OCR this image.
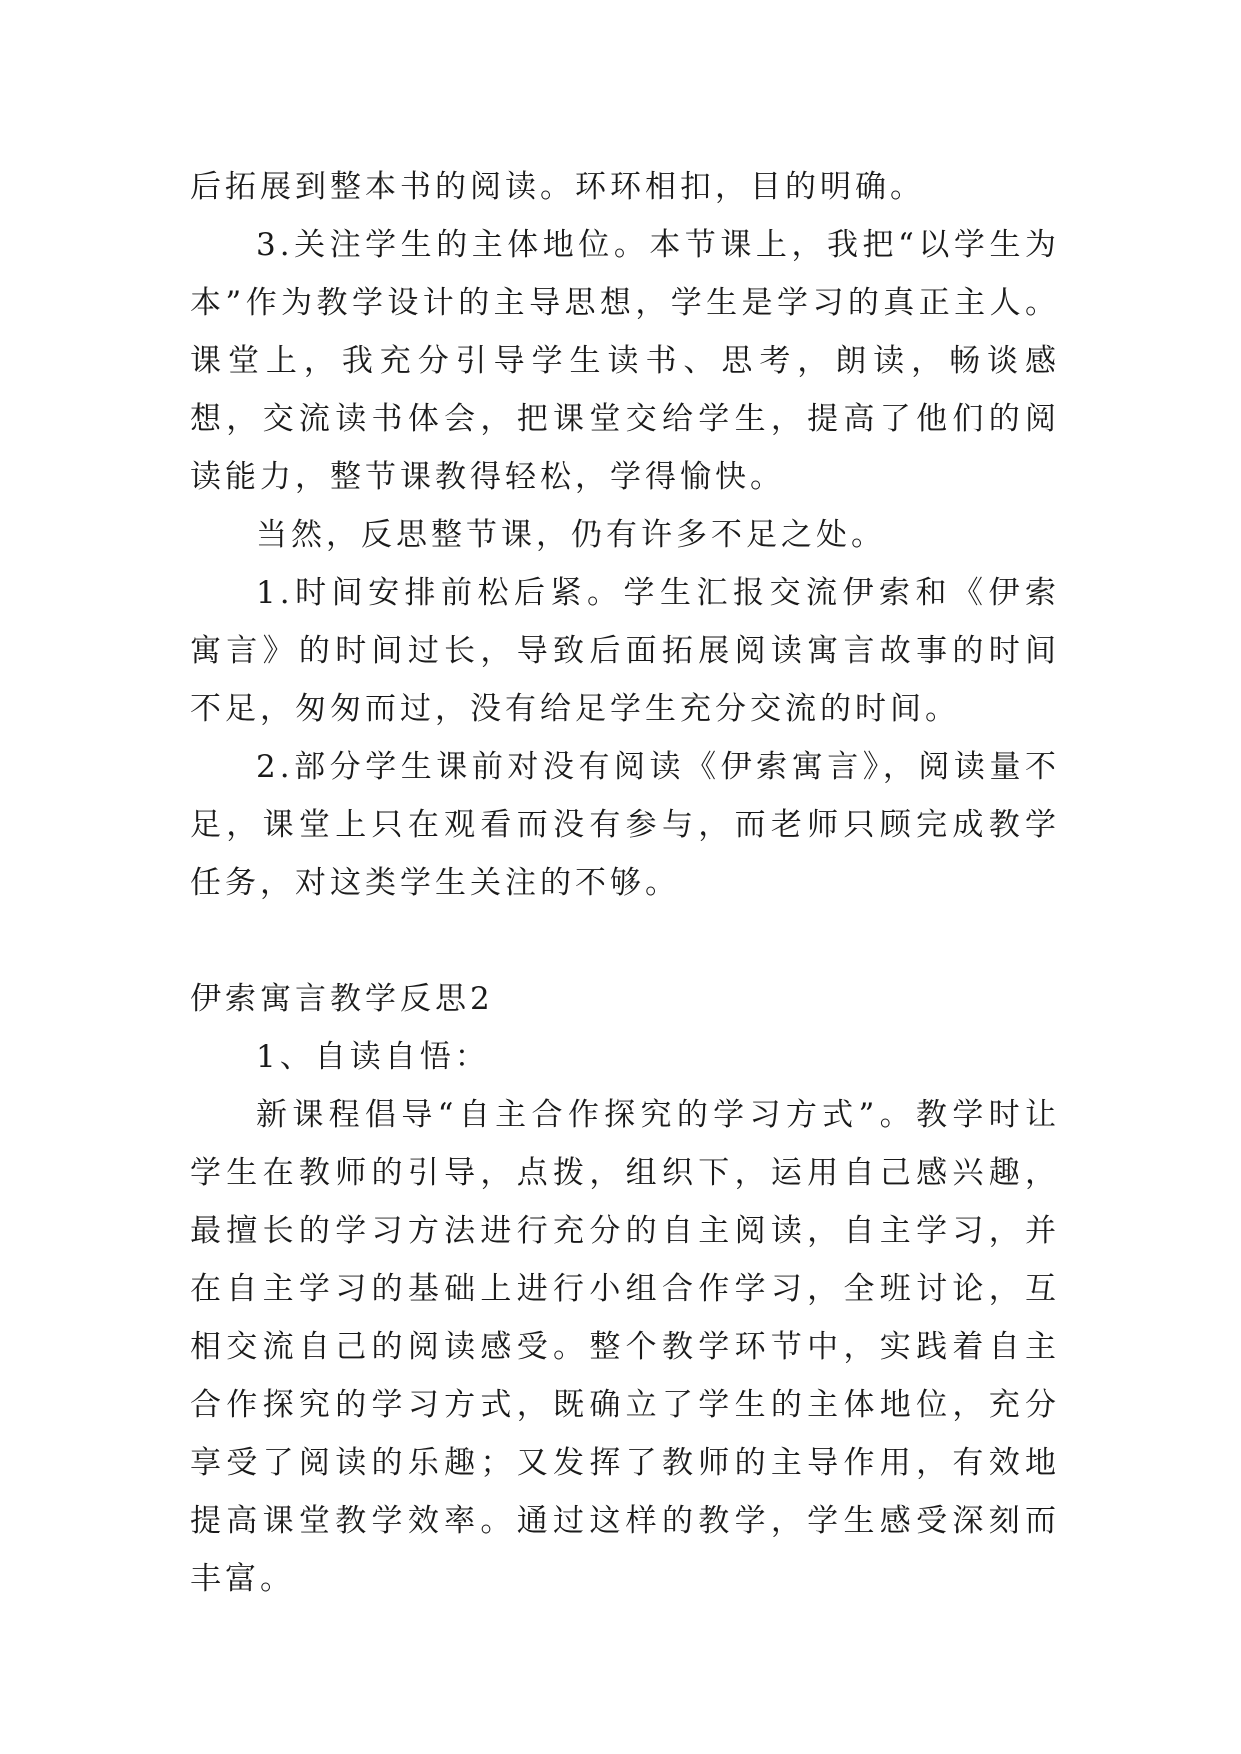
后拓展到整本书的阅读。环环相扣，目的明确。

3.关注学生的主体地位。本节课上，我把“以学生为本”作为教学设计的主导思想，学生是学习的真正主人。课堂上，我充分引导学生读书、思考，朗读，畅谈感想，交流读书体会，把课堂交给学生，提高了他们的阅读能力，整节课教得轻松，学得愉快。

当然，反思整节课，仍有许多不足之处。

1.时间安排前松后紧。学生汇报交流伊索和《伊索寓言》的时间过长，导致后面拓展阅读寓言故事的时间不足，匆匆而过，没有给足学生充分交流的时间。

2.部分学生课前对没有阅读《伊索寓言》，阅读量不足，课堂上只在观看而没有参与，而老师只顾完成教学任务，对这类学生关注的不够。

伊索寓言教学反思2

1、自读自悟：

新课程倡导“自主合作探究的学习方式”。教学时让学生在教师的引导，点拨，组织下，运用自己感兴趣，最擅长的学习方法进行充分的自主阅读，自主学习，并在自主学习的基础上进行小组合作学习，全班讨论，互相交流自己的阅读感受。整个教学环节中，实践着自主合作探究的学习方式，既确立了学生的主体地位，充分享受了阅读的乐趣；又发挥了教师的主导作用，有效地提高课堂教学效率。通过这样的教学，学生感受深刻而丰富。
